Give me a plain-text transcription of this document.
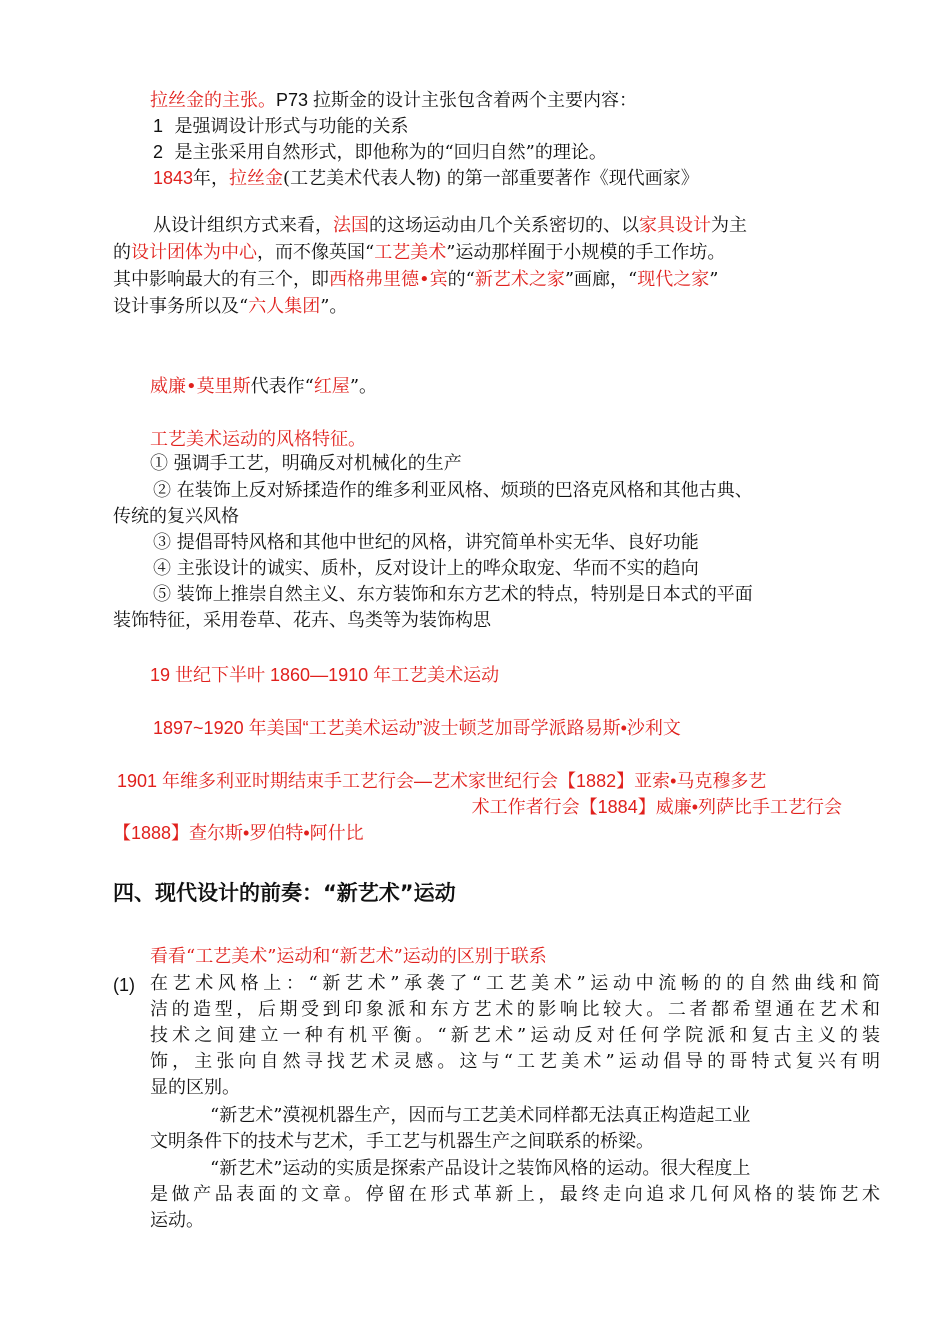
拉丝金的主张。P73 拉斯金的设计主张包含着两个主要内容：
1 是强调设计形式与功能的关系
2 是主张采用自然形式，即他称为的“回归自然”的理论。
1843年，拉丝金(工艺美术代表人物) 的第一部重要著作《现代画家》
从设计组织方式来看，法国的这场运动由几个关系密切的、以家具设计为主
的设计团体为中心，而不像英国“工艺美术”运动那样囿于小规模的手工作坊。
其中影响最大的有三个，即西格弗里德•宾的“新艺术之家”画廊，“现代之家”
设计事务所以及“六人集团”。
威廉•莫里斯代表作“红屋”。
工艺美术运动的风格特征。
① 强调手工艺，明确反对机械化的生产
② 在装饰上反对矫揉造作的维多利亚风格、烦琐的巴洛克风格和其他古典、
传统的复兴风格
③ 提倡哥特风格和其他中世纪的风格，讲究简单朴实无华、良好功能
④ 主张设计的诚实、质朴，反对设计上的哗众取宠、华而不实的趋向
⑤ 装饰上推崇自然主义、东方装饰和东方艺术的特点，特别是日本式的平面
装饰特征，采用卷草、花卉、鸟类等为装饰构思
19 世纪下半叶 1860—1910 年工艺美术运动
1897~1920 年美国“工艺美术运动”波士顿芝加哥学派路易斯•沙利文
1901 年维多利亚时期结束手工艺行会—艺术家世纪行会【1882】亚索•马克穆多艺
术工作者行会【1884】威廉•列萨比手工艺行会
【1888】查尔斯•罗伯特•阿什比
四、现代设计的前奏：“新艺术”运动
看看“工艺美术”运动和“新艺术”运动的区别于联系
(1) 在艺术风格上：“新艺术”承袭了“工艺美术”运动中流畅的的自然曲线和简
洁的造型，后期受到印象派和东方艺术的影响比较大。二者都希望通在艺术和
技术之间建立一种有机平衡。“新艺术”运动反对任何学院派和复古主义的装
饰，主张向自然寻找艺术灵感。这与“工艺美术”运动倡导的哥特式复兴有明
显的区别。
“新艺术”漠视机器生产，因而与工艺美术同样都无法真正构造起工业
文明条件下的技术与艺术，手工艺与机器生产之间联系的桥梁。
“新艺术”运动的实质是探索产品设计之装饰风格的运动。很大程度上
是做产品表面的文章。停留在形式革新上，最终走向追求几何风格的装饰艺术
运动。
